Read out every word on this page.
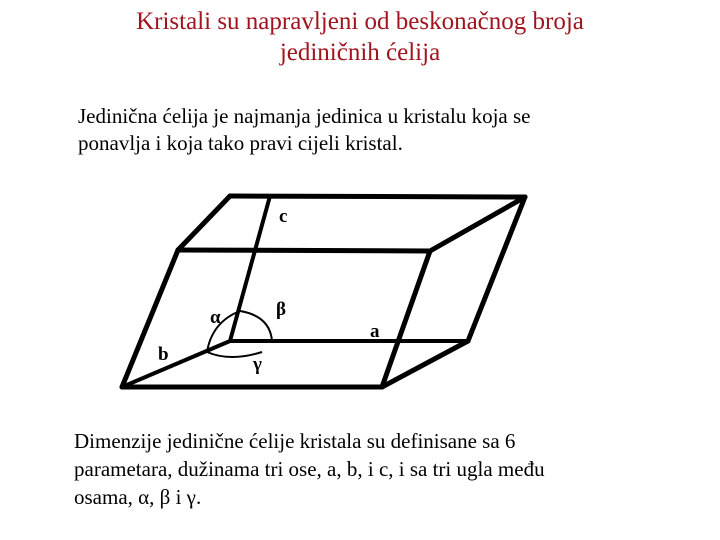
Kristali su napravljeni od beskonačnog broja
jediničnih ćelija
Jedinična ćelija je najmanja jedinica u kristalu koja se
ponavlja i koja tako pravi cijeli kristal.
c
α	β
a
b	γ
Dimenzije jedinične ćelije kristala su definisane sa 6
parametara, dužinama tri ose, a, b, i c, i sa tri ugla među
osama, α, β i γ.
